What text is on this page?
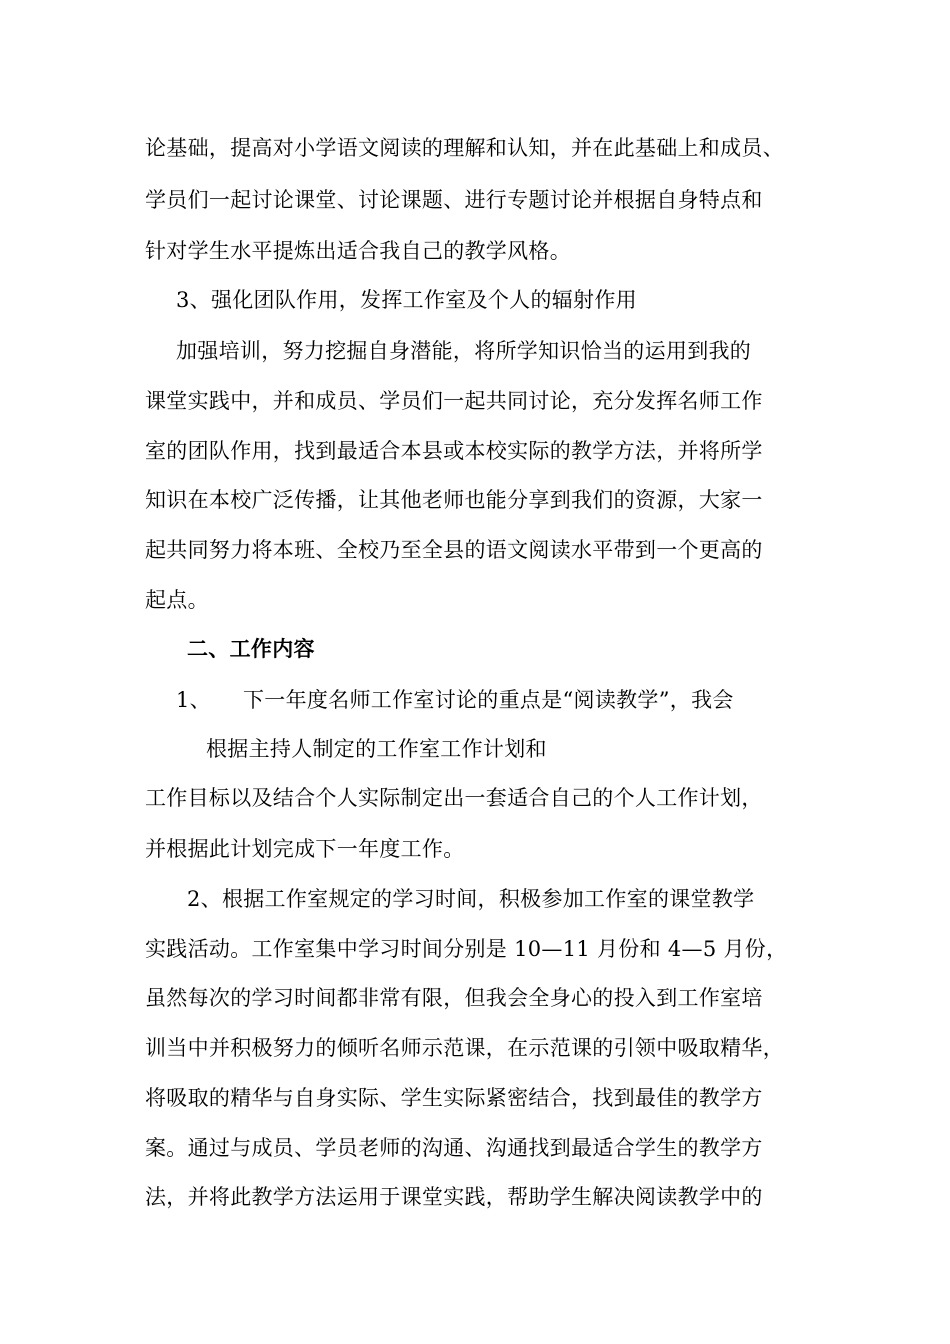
论基础，提高对小学语文阅读的理解和认知，并在此基础上和成员、
学员们一起讨论课堂、讨论课题、进行专题讨论并根据自身特点和
针对学生水平提炼出适合我自己的教学风格。
3、强化团队作用，发挥工作室及个人的辐射作用
加强培训，努力挖掘自身潜能，将所学知识恰当的运用到我的
课堂实践中，并和成员、学员们一起共同讨论，充分发挥名师工作
室的团队作用，找到最适合本县或本校实际的教学方法，并将所学
知识在本校广泛传播，让其他老师也能分享到我们的资源，大家一
起共同努力将本班、全校乃至全县的语文阅读水平带到一个更高的
起点。
二、工作内容
1、 下一年度名师工作室讨论的重点是“阅读教学”，我会
根据主持人制定的工作室工作计划和
工作目标以及结合个人实际制定出一套适合自己的个人工作计划，
并根据此计划完成下一年度工作。
2、根据工作室规定的学习时间，积极参加工作室的课堂教学
实践活动。工作室集中学习时间分别是 10—11 月份和 4—5 月份，
虽然每次的学习时间都非常有限，但我会全身心的投入到工作室培
训当中并积极努力的倾听名师示范课，在示范课的引领中吸取精华，
将吸取的精华与自身实际、学生实际紧密结合，找到最佳的教学方
案。通过与成员、学员老师的沟通、沟通找到最适合学生的教学方
法，并将此教学方法运用于课堂实践，帮助学生解决阅读教学中的
